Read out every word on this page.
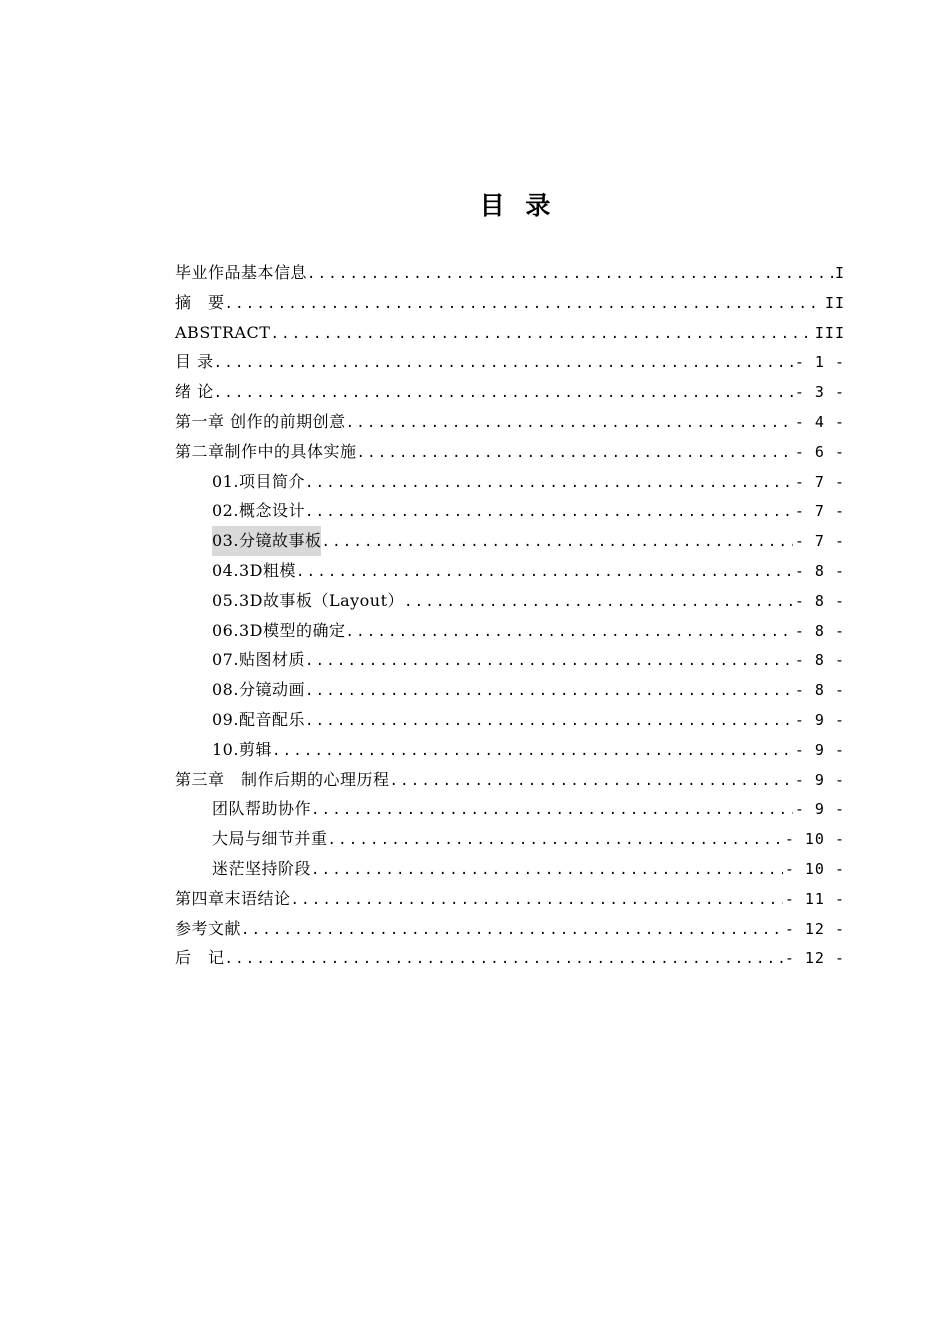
目 录
毕业作品基本信息 .....	I
摘　要 .....	II
ABSTRACT .....	III
目 录 .....	- 1 -
绪 论 .....	- 3 -
第一章 创作的前期创意 .....	- 4 -
第二章制作中的具体实施 .....	- 6 -
01.项目简介 .....	- 7 -
02.概念设计 .....	- 7 -
03.分镜故事板 .....	- 7 -
04.3D粗模 .....	- 8 -
05.3D故事板（Layout） .....	- 8 -
06.3D模型的确定 .....	- 8 -
07.贴图材质 .....	- 8 -
08.分镜动画 .....	- 8 -
09.配音配乐 .....	- 9 -
10.剪辑 .....	- 9 -
第三章　制作后期的心理历程 .....	- 9 -
团队帮助协作 .....	- 9 -
大局与细节并重 .....	- 10 -
迷茫坚持阶段 .....	- 10 -
第四章末语结论 .....	- 11 -
参考文献 .....	- 12 -
后　记 .....	- 12 -
